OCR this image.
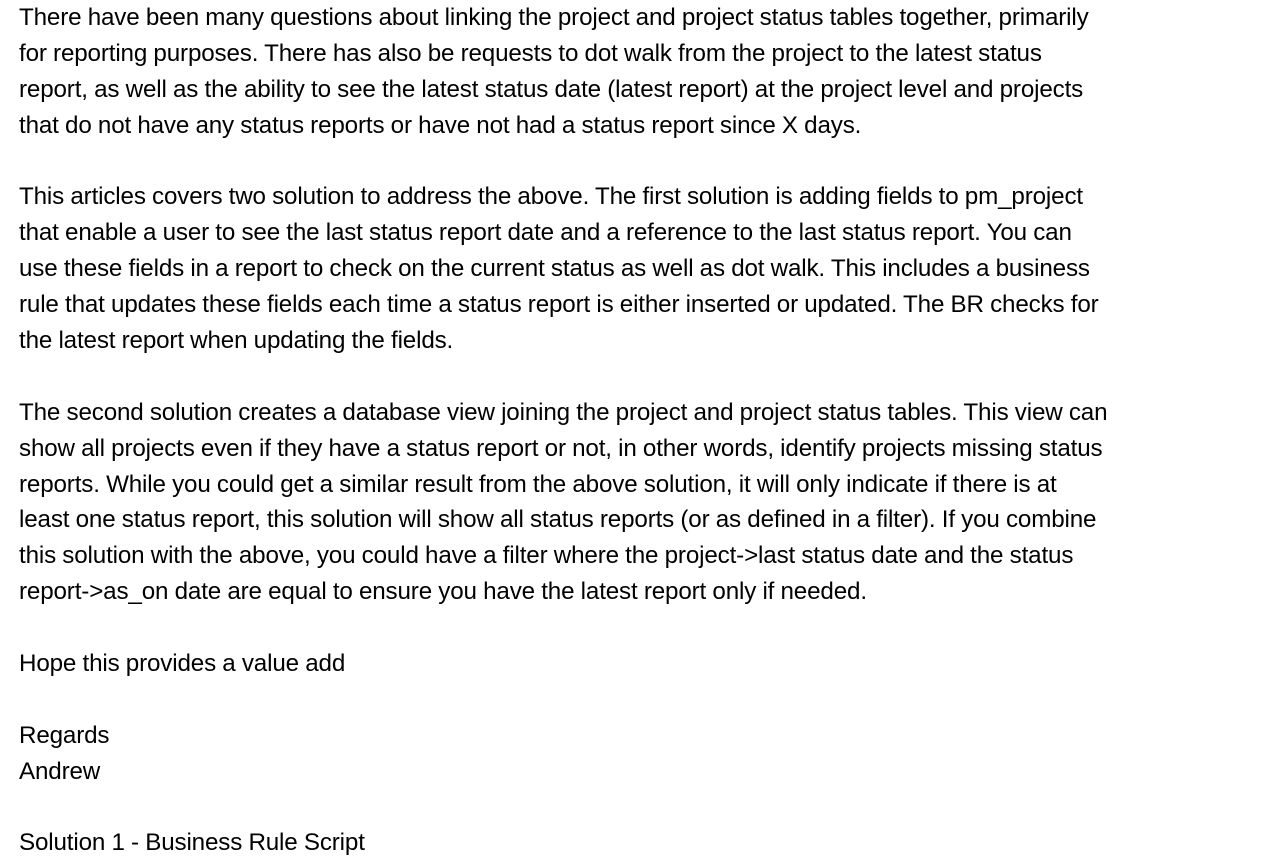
There have been many questions about linking the project and project status tables together, primarily
for reporting purposes. There has also be requests to dot walk from the project to the latest status
report, as well as the ability to see the latest status date (latest report) at the project level and projects
that do not have any status reports or have not had a status report since X days.
This articles covers two solution to address the above. The first solution is adding fields to pm_project
that enable a user to see the last status report date and a reference to the last status report. You can
use these fields in a report to check on the current status as well as dot walk. This includes a business
rule that updates these fields each time a status report is either inserted or updated. The BR checks for
the latest report when updating the fields.
The second solution creates a database view joining the project and project status tables. This view can
show all projects even if they have a status report or not, in other words, identify projects missing status
reports. While you could get a similar result from the above solution, it will only indicate if there is at
least one status report, this solution will show all status reports (or as defined in a filter). If you combine
this solution with the above, you could have a filter where the project->last status date and the status
report->as_on date are equal to ensure you have the latest report only if needed.
Hope this provides a value add
Regards
Andrew
Solution 1 - Business Rule Script
